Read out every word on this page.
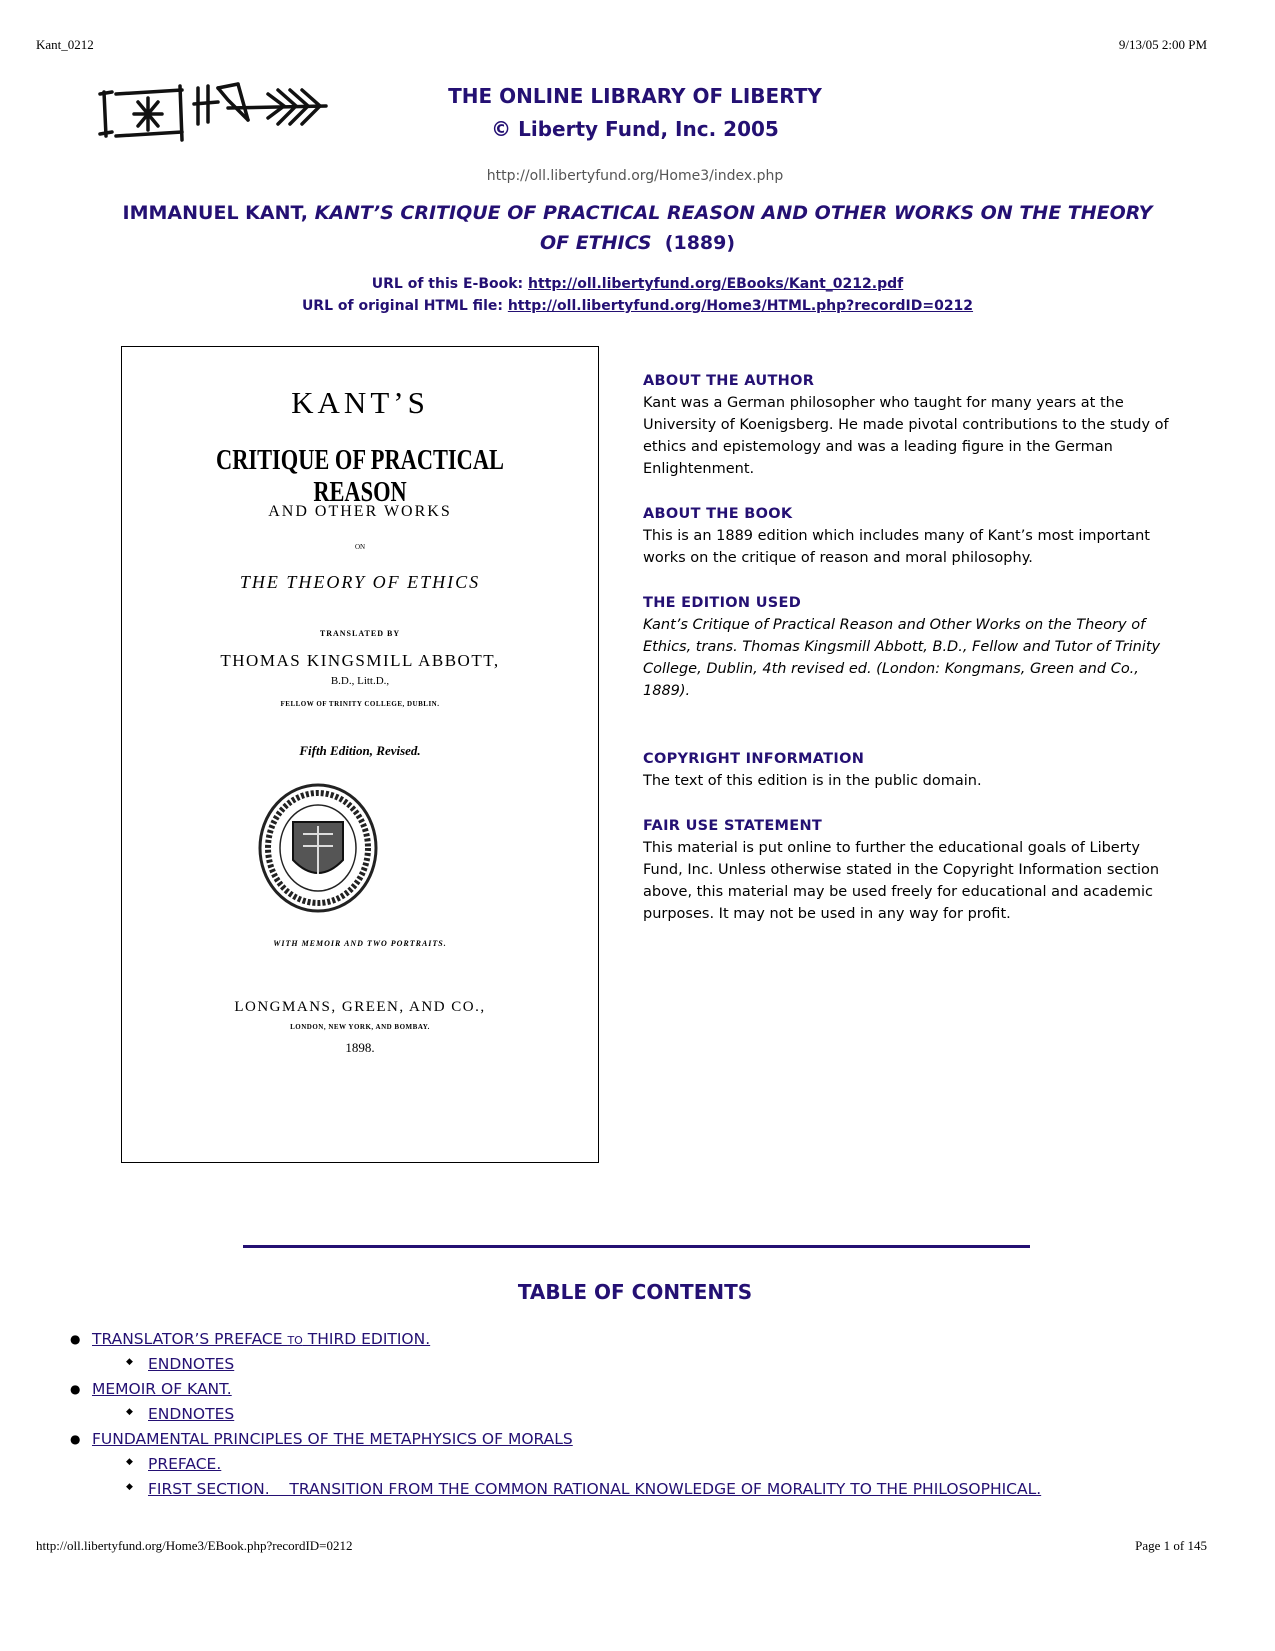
Kant_0212	9/13/05 2:00 PM
THE ONLINE LIBRARY OF LIBERTY
© Liberty Fund, Inc. 2005
http://oll.libertyfund.org/Home3/index.php
IMMANUEL KANT, KANT’S CRITIQUE OF PRACTICAL REASON AND OTHER WORKS ON THE THEORY
OF ETHICS (1889)
URL of this E-Book: http://oll.libertyfund.org/EBooks/Kant_0212.pdf
URL of original HTML file: http://oll.libertyfund.org/Home3/HTML.php?recordID=0212
KANT’S
CRITIQUE OF PRACTICAL REASON
AND OTHER WORKS
ON
THE THEORY OF ETHICS
TRANSLATED BY
THOMAS KINGSMILL ABBOTT,
B.D., Litt.D.,
FELLOW OF TRINITY COLLEGE, DUBLIN.
Fifth Edition, Revised.
WITH MEMOIR AND TWO PORTRAITS.
LONGMANS, GREEN, AND CO.,
LONDON, NEW YORK, AND BOMBAY.
1898.
ABOUT THE AUTHOR

Kant was a German philosopher who taught for many years at the

University of Koenigsberg. He made pivotal contributions to the study of

ethics and epistemology and was a leading figure in the German

Enlightenment.

ABOUT THE BOOK

This is an 1889 edition which includes many of Kant’s most important

works on the critique of reason and moral philosophy.

THE EDITION USED

Kant’s Critique of Practical Reason and Other Works on the Theory of

Ethics, trans. Thomas Kingsmill Abbott, B.D., Fellow and Tutor of Trinity

College, Dublin, 4th revised ed. (London: Kongmans, Green and Co.,

1889).

COPYRIGHT INFORMATION

The text of this edition is in the public domain.

FAIR USE STATEMENT

This material is put online to further the educational goals of Liberty

Fund, Inc. Unless otherwise stated in the Copyright Information section

above, this material may be used freely for educational and academic

purposes. It may not be used in any way for profit.

TABLE OF CONTENTS
● TRANSLATOR’S PREFACE TO THIRD EDITION.
◆ ENDNOTES
● MEMOIR OF KANT.
◆ ENDNOTES
● FUNDAMENTAL PRINCIPLES OF THE METAPHYSICS OF MORALS
◆ PREFACE.
◆ FIRST SECTION.    TRANSITION FROM THE COMMON RATIONAL KNOWLEDGE OF MORALITY TO THE PHILOSOPHICAL.
http://oll.libertyfund.org/Home3/EBook.php?recordID=0212	Page 1 of 145
